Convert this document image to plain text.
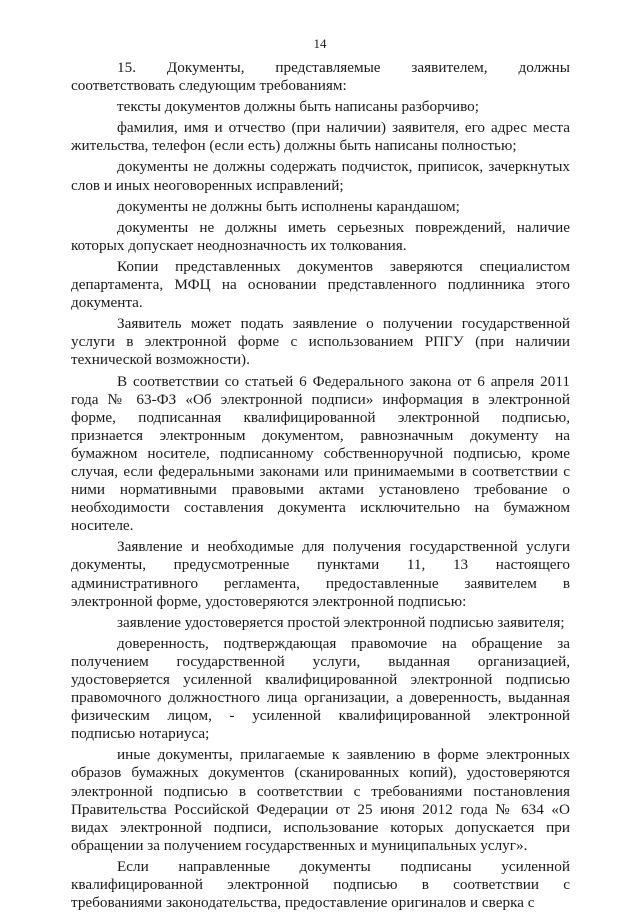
14
15. Документы, представляемые заявителем, должны
соответствовать следующим требованиям:
тексты документов должны быть написаны разборчиво;
фамилия, имя и отчество (при наличии) заявителя, его адрес места
жительства, телефон (если есть) должны быть написаны полностью;
документы не должны содержать подчисток, приписок, зачеркнутых
слов и иных неоговоренных исправлений;
документы не должны быть исполнены карандашом;
документы не должны иметь серьезных повреждений, наличие
которых допускает неоднозначность их толкования.
Копии представленных документов заверяются специалистом
департамента, МФЦ на основании представленного подлинника этого
документа.
Заявитель может подать заявление о получении государственной
услуги в электронной форме с использованием РПГУ (при наличии
технической возможности).
В соответствии со статьей 6 Федерального закона от 6 апреля 2011
года № 63-ФЗ «Об электронной подписи» информация в электронной
форме, подписанная квалифицированной электронной подписью,
признается электронным документом, равнозначным документу на
бумажном носителе, подписанному собственноручной подписью, кроме
случая, если федеральными законами или принимаемыми в соответствии с
ними нормативными правовыми актами установлено требование о
необходимости составления документа исключительно на бумажном
носителе.
Заявление и необходимые для получения государственной услуги
документы, предусмотренные пунктами 11, 13 настоящего
административного регламента, предоставленные заявителем в
электронной форме, удостоверяются электронной подписью:
заявление удостоверяется простой электронной подписью заявителя;
доверенность, подтверждающая правомочие на обращение за
получением государственной услуги, выданная организацией,
удостоверяется усиленной квалифицированной электронной подписью
правомочного должностного лица организации, а доверенность, выданная
физическим лицом, - усиленной квалифицированной электронной
подписью нотариуса;
иные документы, прилагаемые к заявлению в форме электронных
образов бумажных документов (сканированных копий), удостоверяются
электронной подписью в соответствии с требованиями постановления
Правительства Российской Федерации от 25 июня 2012 года № 634 «О
видах электронной подписи, использование которых допускается при
обращении за получением государственных и муниципальных услуг».
Если направленные документы подписаны усиленной
квалифицированной электронной подписью в соответствии с
требованиями законодательства, предоставление оригиналов и сверка с
